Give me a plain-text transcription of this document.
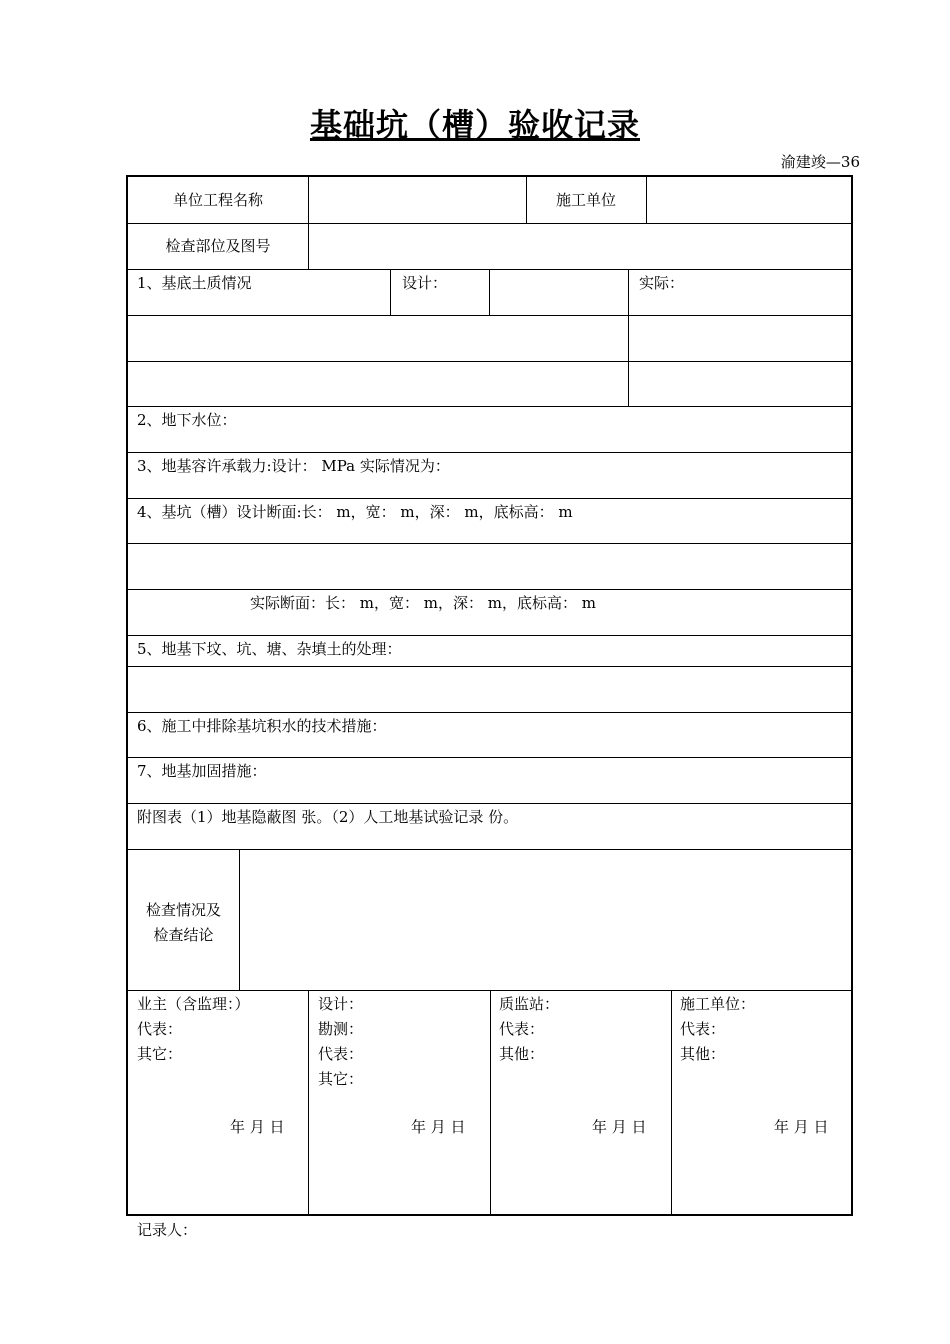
基础坑（槽）验收记录
渝建竣—36
单位工程名称	施工单位
检查部位及图号
1、基底土质情况	设计：	实际：
2、地下水位：
3、地基容许承载力:设计： MPa 实际情况为：
4、基坑（槽）设计断面:长： m，宽： m，深： m，底标高： m
实际断面：长： m，宽： m，深： m，底标高： m
5、地基下坟、坑、塘、杂填土的处理：
6、施工中排除基坑积水的技术措施：
7、地基加固措施：
附图表（1）地基隐蔽图 张。（2）人工地基试验记录 份。
检查情况及
检查结论
业主（含监理：）
代表：
其它：
年 月 日
设计：
勘测：
代表：
其它：
年 月 日
质监站：
代表：
其他：
年 月 日
施工单位：
代表：
其他：
年 月 日
记录人：
